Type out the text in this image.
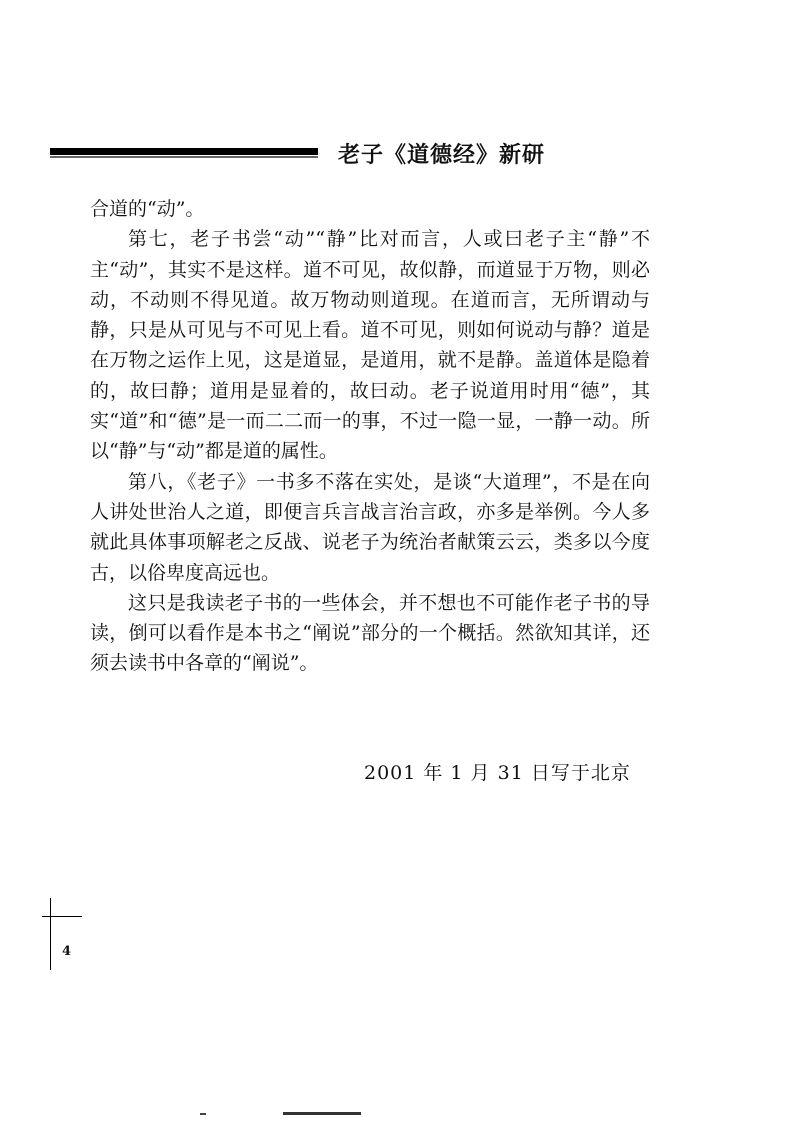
老子《道德经》新研

合道的“动”。

第七，老子书尝“动”“静”比对而言，人或曰老子主“静”不主“动”，其实不是这样。道不可见，故似静，而道显于万物，则必动，不动则不得见道。故万物动则道现。在道而言，无所谓动与静，只是从可见与不可见上看。道不可见，则如何说动与静？道是在万物之运作上见，这是道显，是道用，就不是静。盖道体是隐着的，故曰静；道用是显着的，故曰动。老子说道用时用“德”，其实“道”和“德”是一而二二而一的事，不过一隐一显，一静一动。所以“静”与“动”都是道的属性。

第八，《老子》一书多不落在实处，是谈“大道理”，不是在向人讲处世治人之道，即便言兵言战言治言政，亦多是举例。今人多就此具体事项解老之反战、说老子为统治者献策云云，类多以今度古，以俗卑度高远也。

这只是我读老子书的一些体会，并不想也不可能作老子书的导读，倒可以看作是本书之“阐说”部分的一个概括。然欲知其详，还须去读书中各章的“阐说”。

2001 年 1 月 31 日写于北京
4
